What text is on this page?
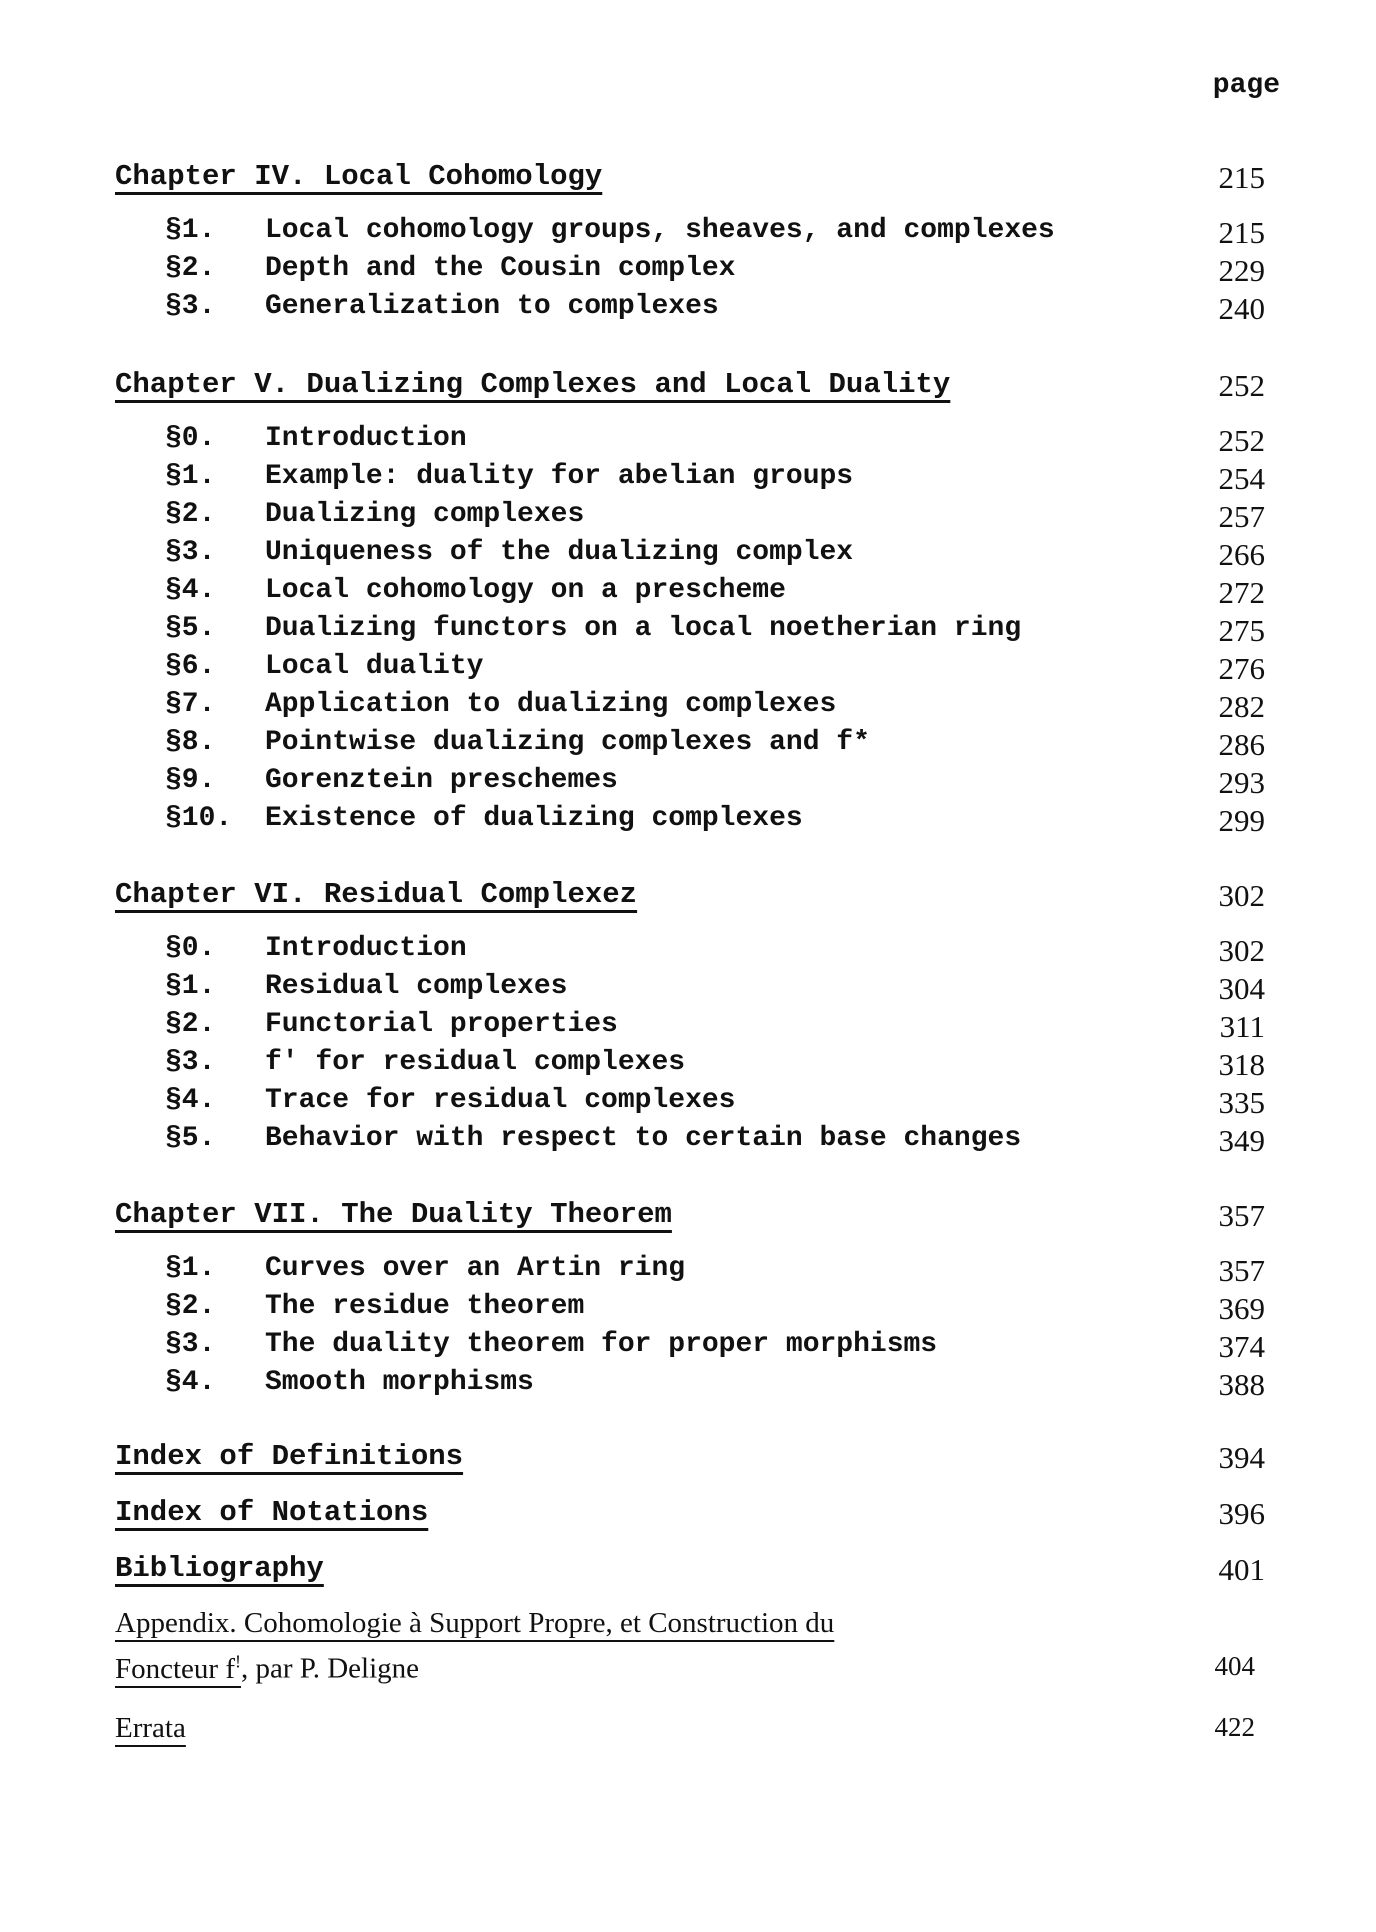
page
Chapter IV. Local Cohomology	215
§1.	Local cohomology groups, sheaves, and complexes	215
§2.	Depth and the Cousin complex	229
§3.	Generalization to complexes	240
Chapter V. Dualizing Complexes and Local Duality	252
§0.	Introduction	252
§1.	Example: duality for abelian groups	254
§2.	Dualizing complexes	257
§3.	Uniqueness of the dualizing complex	266
§4.	Local cohomology on a prescheme	272
§5.	Dualizing functors on a local noetherian ring	275
§6.	Local duality	276
§7.	Application to dualizing complexes	282
§8.	Pointwise dualizing complexes and f*	286
§9.	Gorenztein preschemes	293
§10.	Existence of dualizing complexes	299
Chapter VI. Residual Complexez	302
§0.	Introduction	302
§1.	Residual complexes	304
§2.	Functorial properties	311
§3.	f' for residual complexes	318
§4.	Trace for residual complexes	335
§5.	Behavior with respect to certain base changes	349
Chapter VII. The Duality Theorem	357
§1.	Curves over an Artin ring	357
§2.	The residue theorem	369
§3.	The duality theorem for proper morphisms	374
§4.	Smooth morphisms	388
Index of Definitions	394
Index of Notations	396
Bibliography	401
Appendix. Cohomologie à Support Propre, et Construction du
Foncteur f!, par P. Deligne	404
Errata	422
